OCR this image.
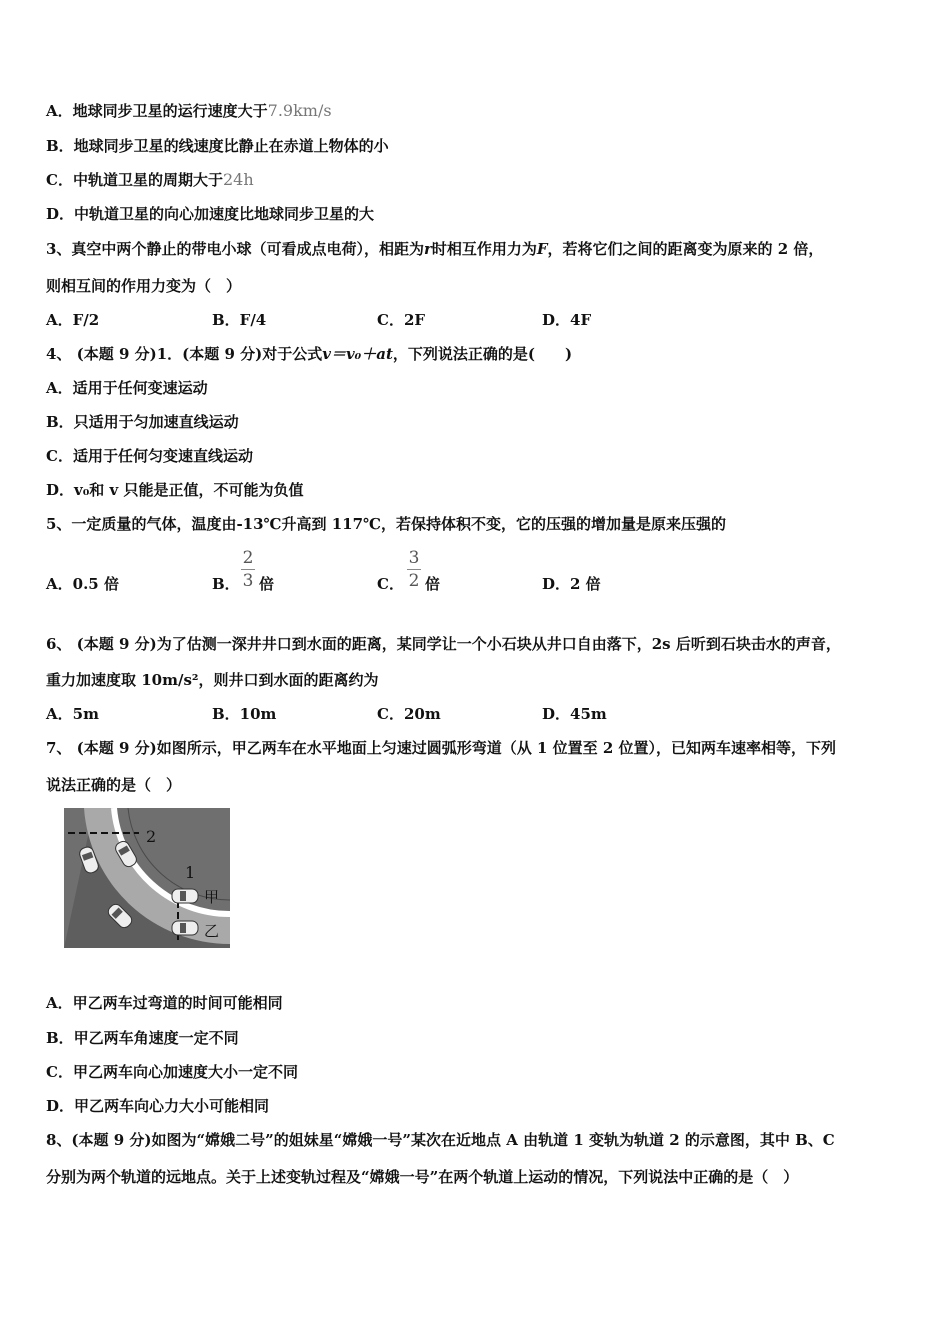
A．地球同步卫星的运行速度大于7.9km/s
B．地球同步卫星的线速度比静止在赤道上物体的小
C．中轨道卫星的周期大于24h
D．中轨道卫星的向心加速度比地球同步卫星的大
3、真空中两个静止的带电小球（可看成点电荷），相距为r时相互作用力为F，若将它们之间的距离变为原来的 2 倍，
则相互间的作用力变为（　）
A．F/2	B．F/4	C．2F	D．4F
4、 (本题 9 分)1．(本题 9 分)对于公式v＝v₀＋at，下列说法正确的是(　　)
A．适用于任何变速运动
B．只适用于匀加速直线运动
C．适用于任何匀变速直线运动
D．v₀和 v 只能是正值，不可能为负值
5、一定质量的气体，温度由-13℃升高到 117℃，若保持体积不变，它的压强的增加量是原来压强的
A．0.5 倍	B．
2
3 倍	C．
3
2 倍	D．2 倍
6、 (本题 9 分)为了估测一深井井口到水面的距离，某同学让一个小石块从井口自由落下，2s 后听到石块击水的声音，
重力加速度取 10m/s²，则井口到水面的距离约为
A．5m	B．10m	C．20m	D．45m
7、 (本题 9 分)如图所示，甲乙两车在水平地面上匀速过圆弧形弯道（从 1 位置至 2 位置），已知两车速率相等，下列
说法正确的是（　）
2
1
甲
乙
A．甲乙两车过弯道的时间可能相同
B．甲乙两车角速度一定不同
C．甲乙两车向心加速度大小一定不同
D．甲乙两车向心力大小可能相同
8、(本题 9 分)如图为“嫦娥二号”的姐妹星“嫦娥一号”某次在近地点 A 由轨道 1 变轨为轨道 2 的示意图，其中 B、C
分别为两个轨道的远地点。关于上述变轨过程及“嫦娥一号”在两个轨道上运动的情况，下列说法中正确的是（　）
